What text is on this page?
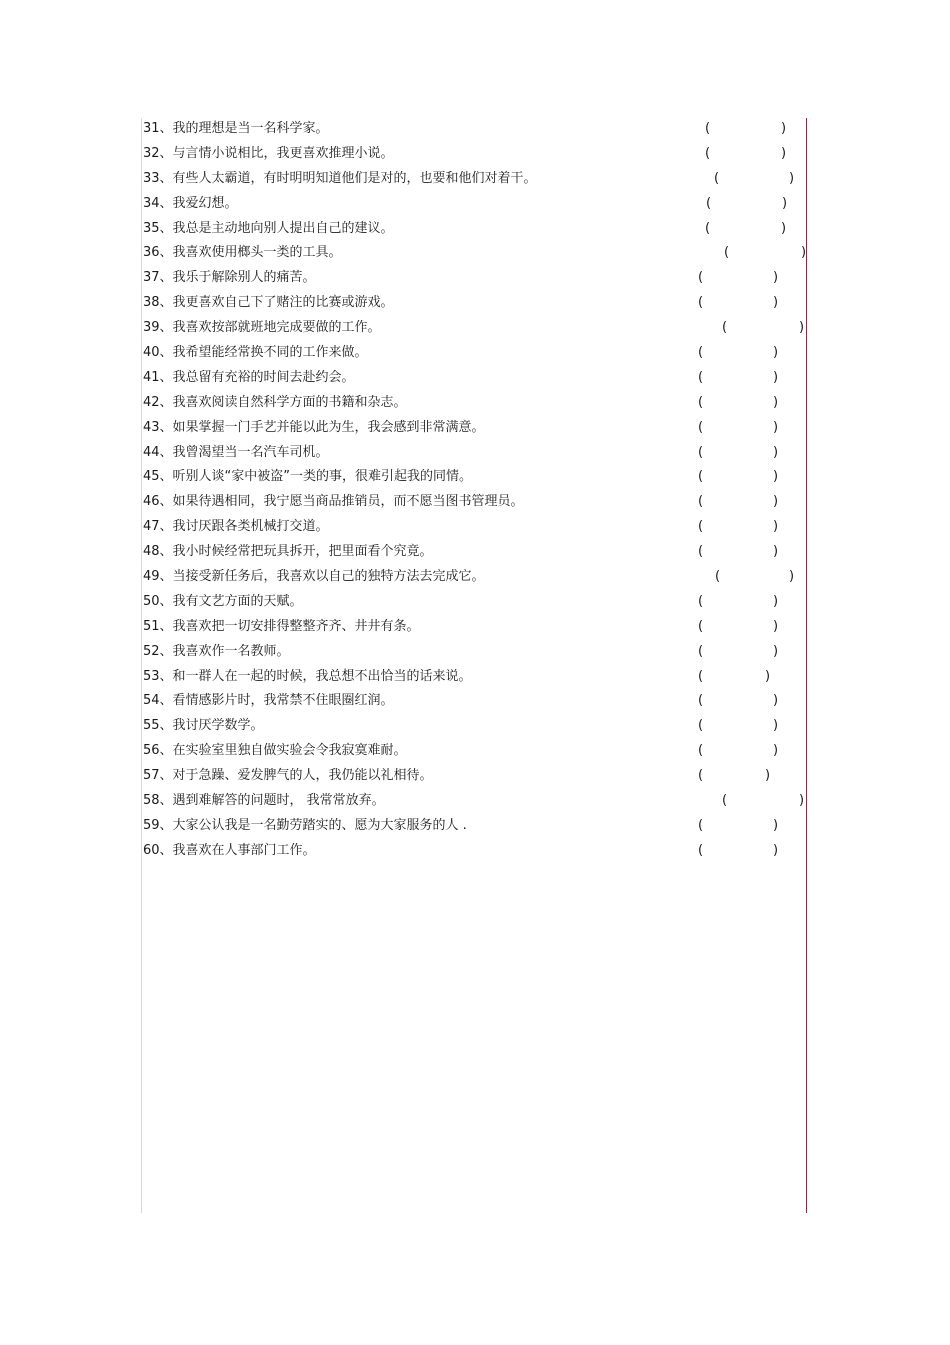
31、我的理想是当一名科学家。	(	)
32、与言情小说相比，我更喜欢推理小说。	(	)
33、有些人太霸道，有时明明知道他们是对的，也要和他们对着干。	(	)
34、我爱幻想。	(	)
35、我总是主动地向别人提出自己的建议。	(	)
36、我喜欢使用榔头一类的工具。	(	)
37、我乐于解除别人的痛苦。	(	)
38、我更喜欢自己下了赌注的比赛或游戏。	(	)
39、我喜欢按部就班地完成要做的工作。	(	)
40、我希望能经常换不同的工作来做。	(	)
41、我总留有充裕的时间去赴约会。	(	)
42、我喜欢阅读自然科学方面的书籍和杂志。	(	)
43、如果掌握一门手艺并能以此为生，我会感到非常满意。	(	)
44、我曾渴望当一名汽车司机。	(	)
45、听别人谈“家中被盗”一类的事，很难引起我的同情。	(	)
46、如果待遇相同，我宁愿当商品推销员，而不愿当图书管理员。	(	)
47、我讨厌跟各类机械打交道。	(	)
48、我小时候经常把玩具拆开，把里面看个究竟。	(	)
49、当接受新任务后，我喜欢以自己的独特方法去完成它。	(	)
50、我有文艺方面的天赋。	(	)
51、我喜欢把一切安排得整整齐齐、井井有条。	(	)
52、我喜欢作一名教师。	(	)
53、和一群人在一起的时候，我总想不出恰当的话来说。	(	)
54、看情感影片时，我常禁不住眼圈红润。	(	)
55、我讨厌学数学。	(	)
56、在实验室里独自做实验会令我寂寞难耐。	(	)
57、对于急躁、爱发脾气的人，我仍能以礼相待。	(	)
58、遇到难解答的问题时， 我常常放弃。	(	)
59、大家公认我是一名勤劳踏实的、愿为大家服务的人 .	(	)
60、我喜欢在人事部门工作。	(	)
